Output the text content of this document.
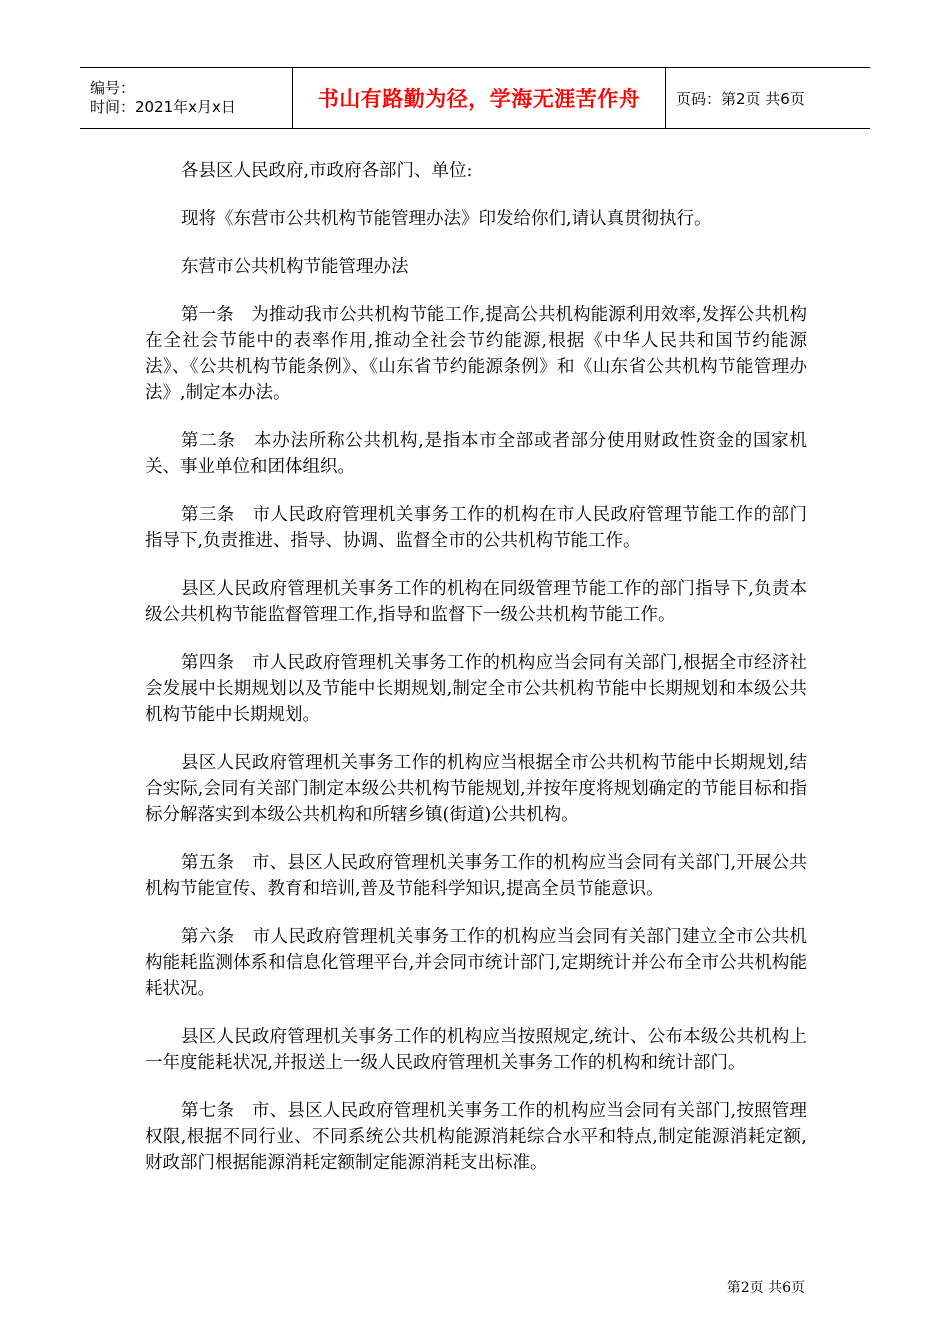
编号：
时间：2021年x月x日	书山有路勤为径，学海无涯苦作舟	页码：第2页 共6页

各县区人民政府,市政府各部门、单位:

现将《东营市公共机构节能管理办法》印发给你们,请认真贯彻执行。

东营市公共机构节能管理办法

第一条　为推动我市公共机构节能工作,提高公共机构能源利用效率,发挥公共机构在全社会节能中的表率作用,推动全社会节约能源,根据《中华人民共和国节约能源法》、《公共机构节能条例》、《山东省节约能源条例》和《山东省公共机构节能管理办法》,制定本办法。

第二条　本办法所称公共机构,是指本市全部或者部分使用财政性资金的国家机关、事业单位和团体组织。

第三条　市人民政府管理机关事务工作的机构在市人民政府管理节能工作的部门指导下,负责推进、指导、协调、监督全市的公共机构节能工作。

县区人民政府管理机关事务工作的机构在同级管理节能工作的部门指导下,负责本级公共机构节能监督管理工作,指导和监督下一级公共机构节能工作。

第四条　市人民政府管理机关事务工作的机构应当会同有关部门,根据全市经济社会发展中长期规划以及节能中长期规划,制定全市公共机构节能中长期规划和本级公共机构节能中长期规划。

县区人民政府管理机关事务工作的机构应当根据全市公共机构节能中长期规划,结合实际,会同有关部门制定本级公共机构节能规划,并按年度将规划确定的节能目标和指标分解落实到本级公共机构和所辖乡镇(街道)公共机构。

第五条　市、县区人民政府管理机关事务工作的机构应当会同有关部门,开展公共机构节能宣传、教育和培训,普及节能科学知识,提高全员节能意识。

第六条　市人民政府管理机关事务工作的机构应当会同有关部门建立全市公共机构能耗监测体系和信息化管理平台,并会同市统计部门,定期统计并公布全市公共机构能耗状况。

县区人民政府管理机关事务工作的机构应当按照规定,统计、公布本级公共机构上一年度能耗状况,并报送上一级人民政府管理机关事务工作的机构和统计部门。

第七条　市、县区人民政府管理机关事务工作的机构应当会同有关部门,按照管理权限,根据不同行业、不同系统公共机构能源消耗综合水平和特点,制定能源消耗定额,财政部门根据能源消耗定额制定能源消耗支出标准。

第2页 共6页
